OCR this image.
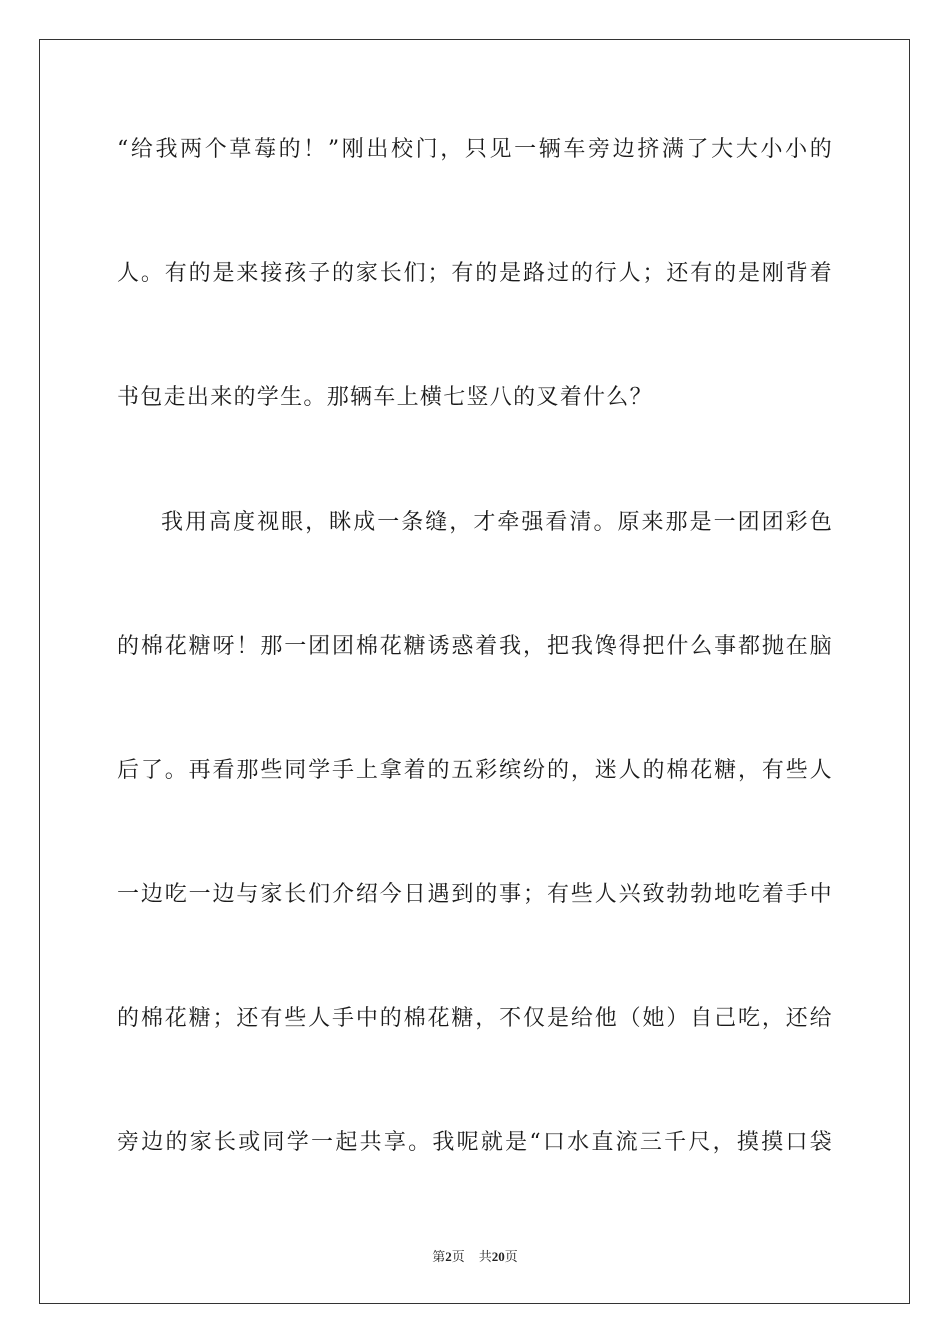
“给我两个草莓的！”刚出校门，只见一辆车旁边挤满了大大小小的
人。有的是来接孩子的家长们；有的是路过的行人；还有的是刚背着
书包走出来的学生。那辆车上横七竖八的叉着什么？
我用高度视眼，眯成一条缝，才牵强看清。原来那是一团团彩色
的棉花糖呀！那一团团棉花糖诱惑着我，把我馋得把什么事都抛在脑
后了。再看那些同学手上拿着的五彩缤纷的，迷人的棉花糖，有些人
一边吃一边与家长们介绍今日遇到的事；有些人兴致勃勃地吃着手中
的棉花糖；还有些人手中的棉花糖，不仅是给他（她）自己吃，还给
旁边的家长或同学一起共享。我呢就是“口水直流三千尺，摸摸口袋
第2页 共20页
